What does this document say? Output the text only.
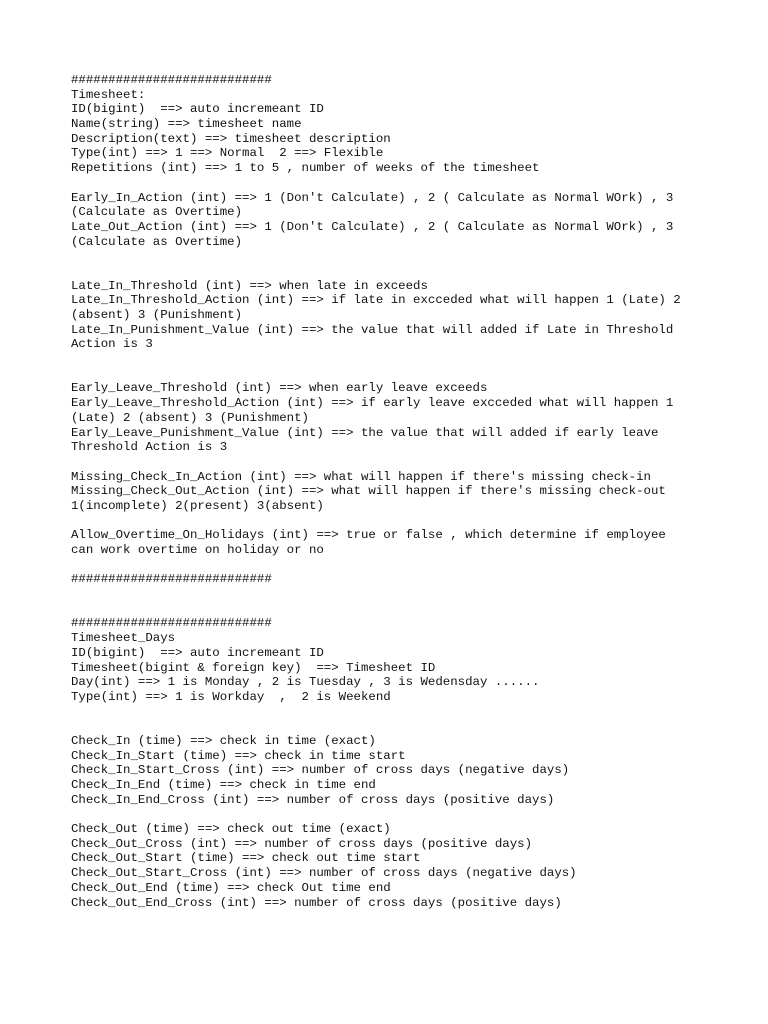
###########################
Timesheet:
ID(bigint)  ==> auto incremeant ID
Name(string) ==> timesheet name
Description(text) ==> timesheet description
Type(int) ==> 1 ==> Normal  2 ==> Flexible
Repetitions (int) ==> 1 to 5 , number of weeks of the timesheet
Early_In_Action (int) ==> 1 (Don't Calculate) , 2 ( Calculate as Normal WOrk) , 3
(Calculate as Overtime)
Late_Out_Action (int) ==> 1 (Don't Calculate) , 2 ( Calculate as Normal WOrk) , 3
(Calculate as Overtime)
Late_In_Threshold (int) ==> when late in exceeds
Late_In_Threshold_Action (int) ==> if late in excceded what will happen 1 (Late) 2
(absent) 3 (Punishment)
Late_In_Punishment_Value (int) ==> the value that will added if Late in Threshold
Action is 3
Early_Leave_Threshold (int) ==> when early leave exceeds
Early_Leave_Threshold_Action (int) ==> if early leave excceded what will happen 1
(Late) 2 (absent) 3 (Punishment)
Early_Leave_Punishment_Value (int) ==> the value that will added if early leave
Threshold Action is 3
Missing_Check_In_Action (int) ==> what will happen if there's missing check-in
Missing_Check_Out_Action (int) ==> what will happen if there's missing check-out
1(incomplete) 2(present) 3(absent)
Allow_Overtime_On_Holidays (int) ==> true or false , which determine if employee
can work overtime on holiday or no
###########################
###########################
Timesheet_Days
ID(bigint)  ==> auto incremeant ID
Timesheet(bigint & foreign key)  ==> Timesheet ID
Day(int) ==> 1 is Monday , 2 is Tuesday , 3 is Wedensday ......
Type(int) ==> 1 is Workday  ,  2 is Weekend
Check_In (time) ==> check in time (exact)
Check_In_Start (time) ==> check in time start
Check_In_Start_Cross (int) ==> number of cross days (negative days)
Check_In_End (time) ==> check in time end
Check_In_End_Cross (int) ==> number of cross days (positive days)
Check_Out (time) ==> check out time (exact)
Check_Out_Cross (int) ==> number of cross days (positive days)
Check_Out_Start (time) ==> check out time start
Check_Out_Start_Cross (int) ==> number of cross days (negative days)
Check_Out_End (time) ==> check Out time end
Check_Out_End_Cross (int) ==> number of cross days (positive days)
